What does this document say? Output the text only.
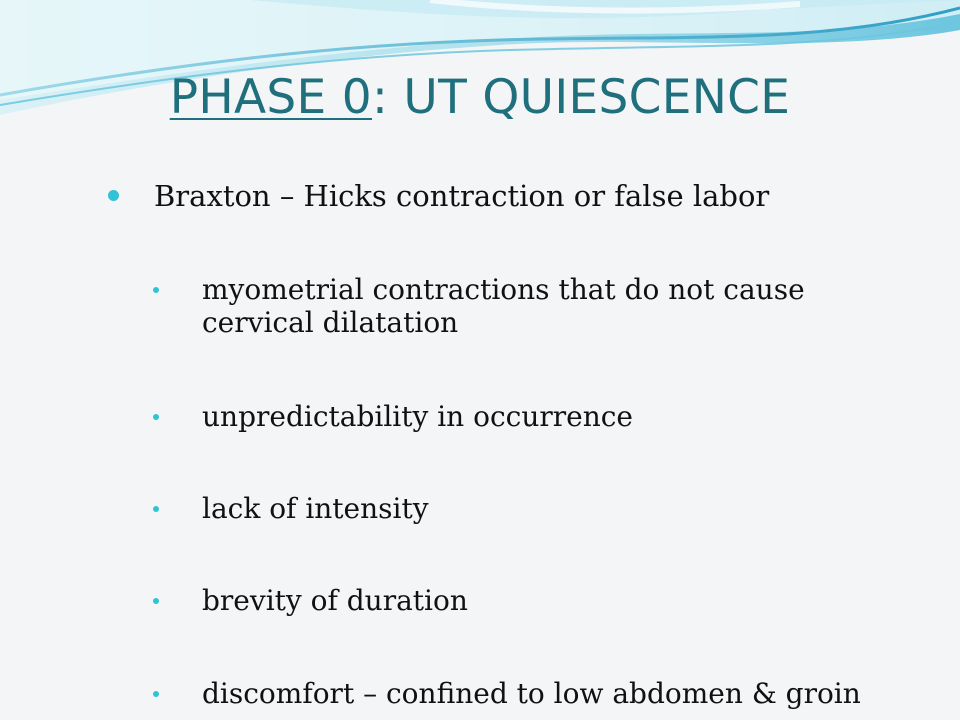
PHASE 0: UT QUIESCENCE
Braxton – Hicks contraction or false labor
myometrial contractions that do not cause cervical dilatation
unpredictability in occurrence
lack of intensity
brevity of duration
discomfort – confined to low abdomen & groin
